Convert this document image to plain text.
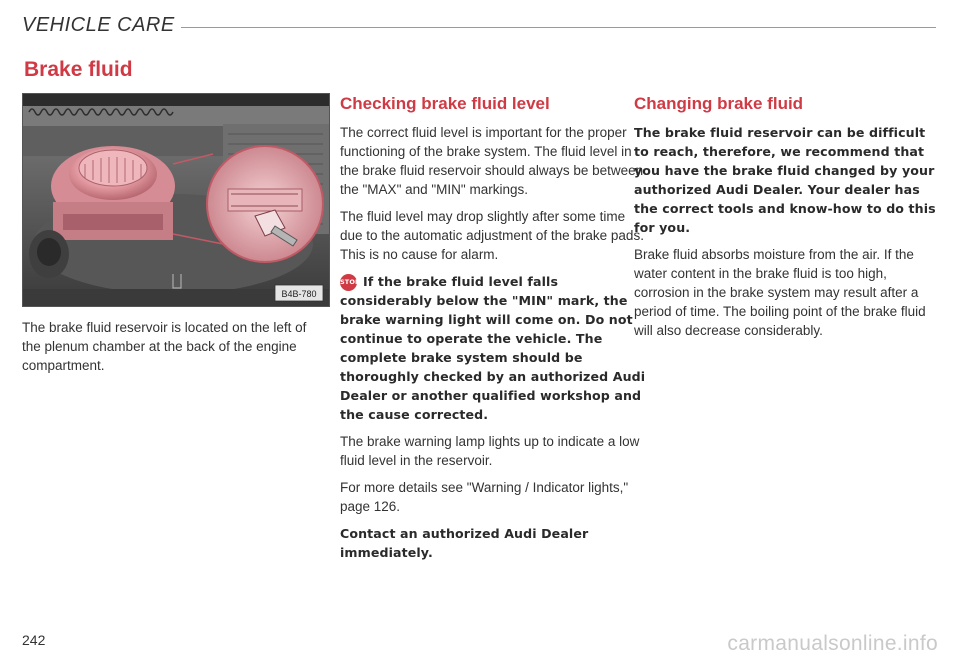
VEHICLE CARE
Brake fluid
B4B-780
The brake fluid reservoir is located on the left of the plenum chamber at the back of the engine compartment.
Checking brake fluid level

The correct fluid level is important for the proper functioning of the brake system. The fluid level in the brake fluid reservoir should always be between the "MAX" and "MIN" markings.

The fluid level may drop slightly after some time due to the automatic adjustment of the brake pads. This is no cause for alarm.

STOP If the brake fluid level falls considerably below the "MIN" mark, the brake warning light will come on. Do not continue to operate the vehicle. The complete brake system should be thoroughly checked by an authorized Audi Dealer or another qualified workshop and the cause corrected.

The brake warning lamp lights up to indicate a low fluid level in the reservoir.

For more details see "Warning / Indicator lights," page 126.

Contact an authorized Audi Dealer immediately.

Changing brake fluid

The brake fluid reservoir can be difficult to reach, therefore, we recommend that you have the brake fluid changed by your authorized Audi Dealer. Your dealer has the correct tools and know-how to do this for you.

Brake fluid absorbs moisture from the air. If the water content in the brake fluid is too high, corrosion in the brake system may result after a period of time. The boiling point of the brake fluid will also decrease considerably.

242	carmanualsonline.info
